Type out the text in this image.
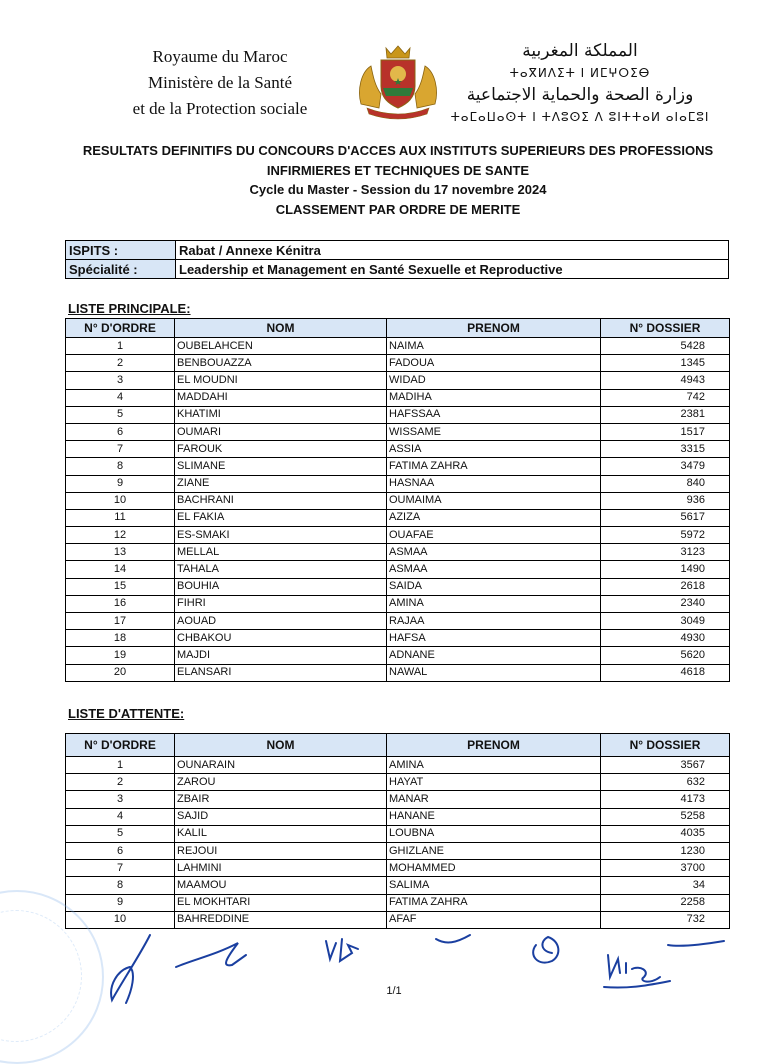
Royaume du Maroc
Ministère de la Santé
et de la Protection sociale
المملكة المغربية
ⵜⴰⴳⵍⴷⵉⵜ ⵏ ⵍⵎⵖⵔⵉⴱ
وزارة الصحة والحماية الاجتماعية
ⵜⴰⵎⴰⵡⴰⵙⵜ ⵏ ⵜⴷⵓⵙⵉ ⴷ ⵓⵏⵜⵜⴰⵍ ⴰⵏⴰⵎⵓⵏ
RESULTATS DEFINITIFS DU CONCOURS D'ACCES AUX INSTITUTS SUPERIEURS DES PROFESSIONS
INFIRMIERES ET TECHNIQUES DE SANTE
Cycle du Master - Session du 17 novembre 2024
CLASSEMENT PAR ORDRE DE MERITE
ISPITS :	Rabat / Annexe Kénitra
Spécialité :	Leadership et Management en Santé Sexuelle et Reproductive
LISTE PRINCIPALE:
N° D'ORDRE	NOM	PRENOM	N° DOSSIER
1	OUBELAHCEN	NAIMA	5428
2	BENBOUAZZA	FADOUA	1345
3	EL MOUDNI	WIDAD	4943
4	MADDAHI	MADIHA	742
5	KHATIMI	HAFSSAA	2381
6	OUMARI	WISSAME	1517
7	FAROUK	ASSIA	3315
8	SLIMANE	FATIMA ZAHRA	3479
9	ZIANE	HASNAA	840
10	BACHRANI	OUMAIMA	936
11	EL FAKIA	AZIZA	5617
12	ES-SMAKI	OUAFAE	5972
13	MELLAL	ASMAA	3123
14	TAHALA	ASMAA	1490
15	BOUHIA	SAIDA	2618
16	FIHRI	AMINA	2340
17	AOUAD	RAJAA	3049
18	CHBAKOU	HAFSA	4930
19	MAJDI	ADNANE	5620
20	ELANSARI	NAWAL	4618
LISTE D'ATTENTE:
N° D'ORDRE	NOM	PRENOM	N° DOSSIER
1	OUNARAIN	AMINA	3567
2	ZAROU	HAYAT	632
3	ZBAIR	MANAR	4173
4	SAJID	HANANE	5258
5	KALIL	LOUBNA	4035
6	REJOUI	GHIZLANE	1230
7	LAHMINI	MOHAMMED	3700
8	MAAMOU	SALIMA	34
9	EL MOKHTARI	FATIMA ZAHRA	2258
10	BAHREDDINE	AFAF	732
1/1
